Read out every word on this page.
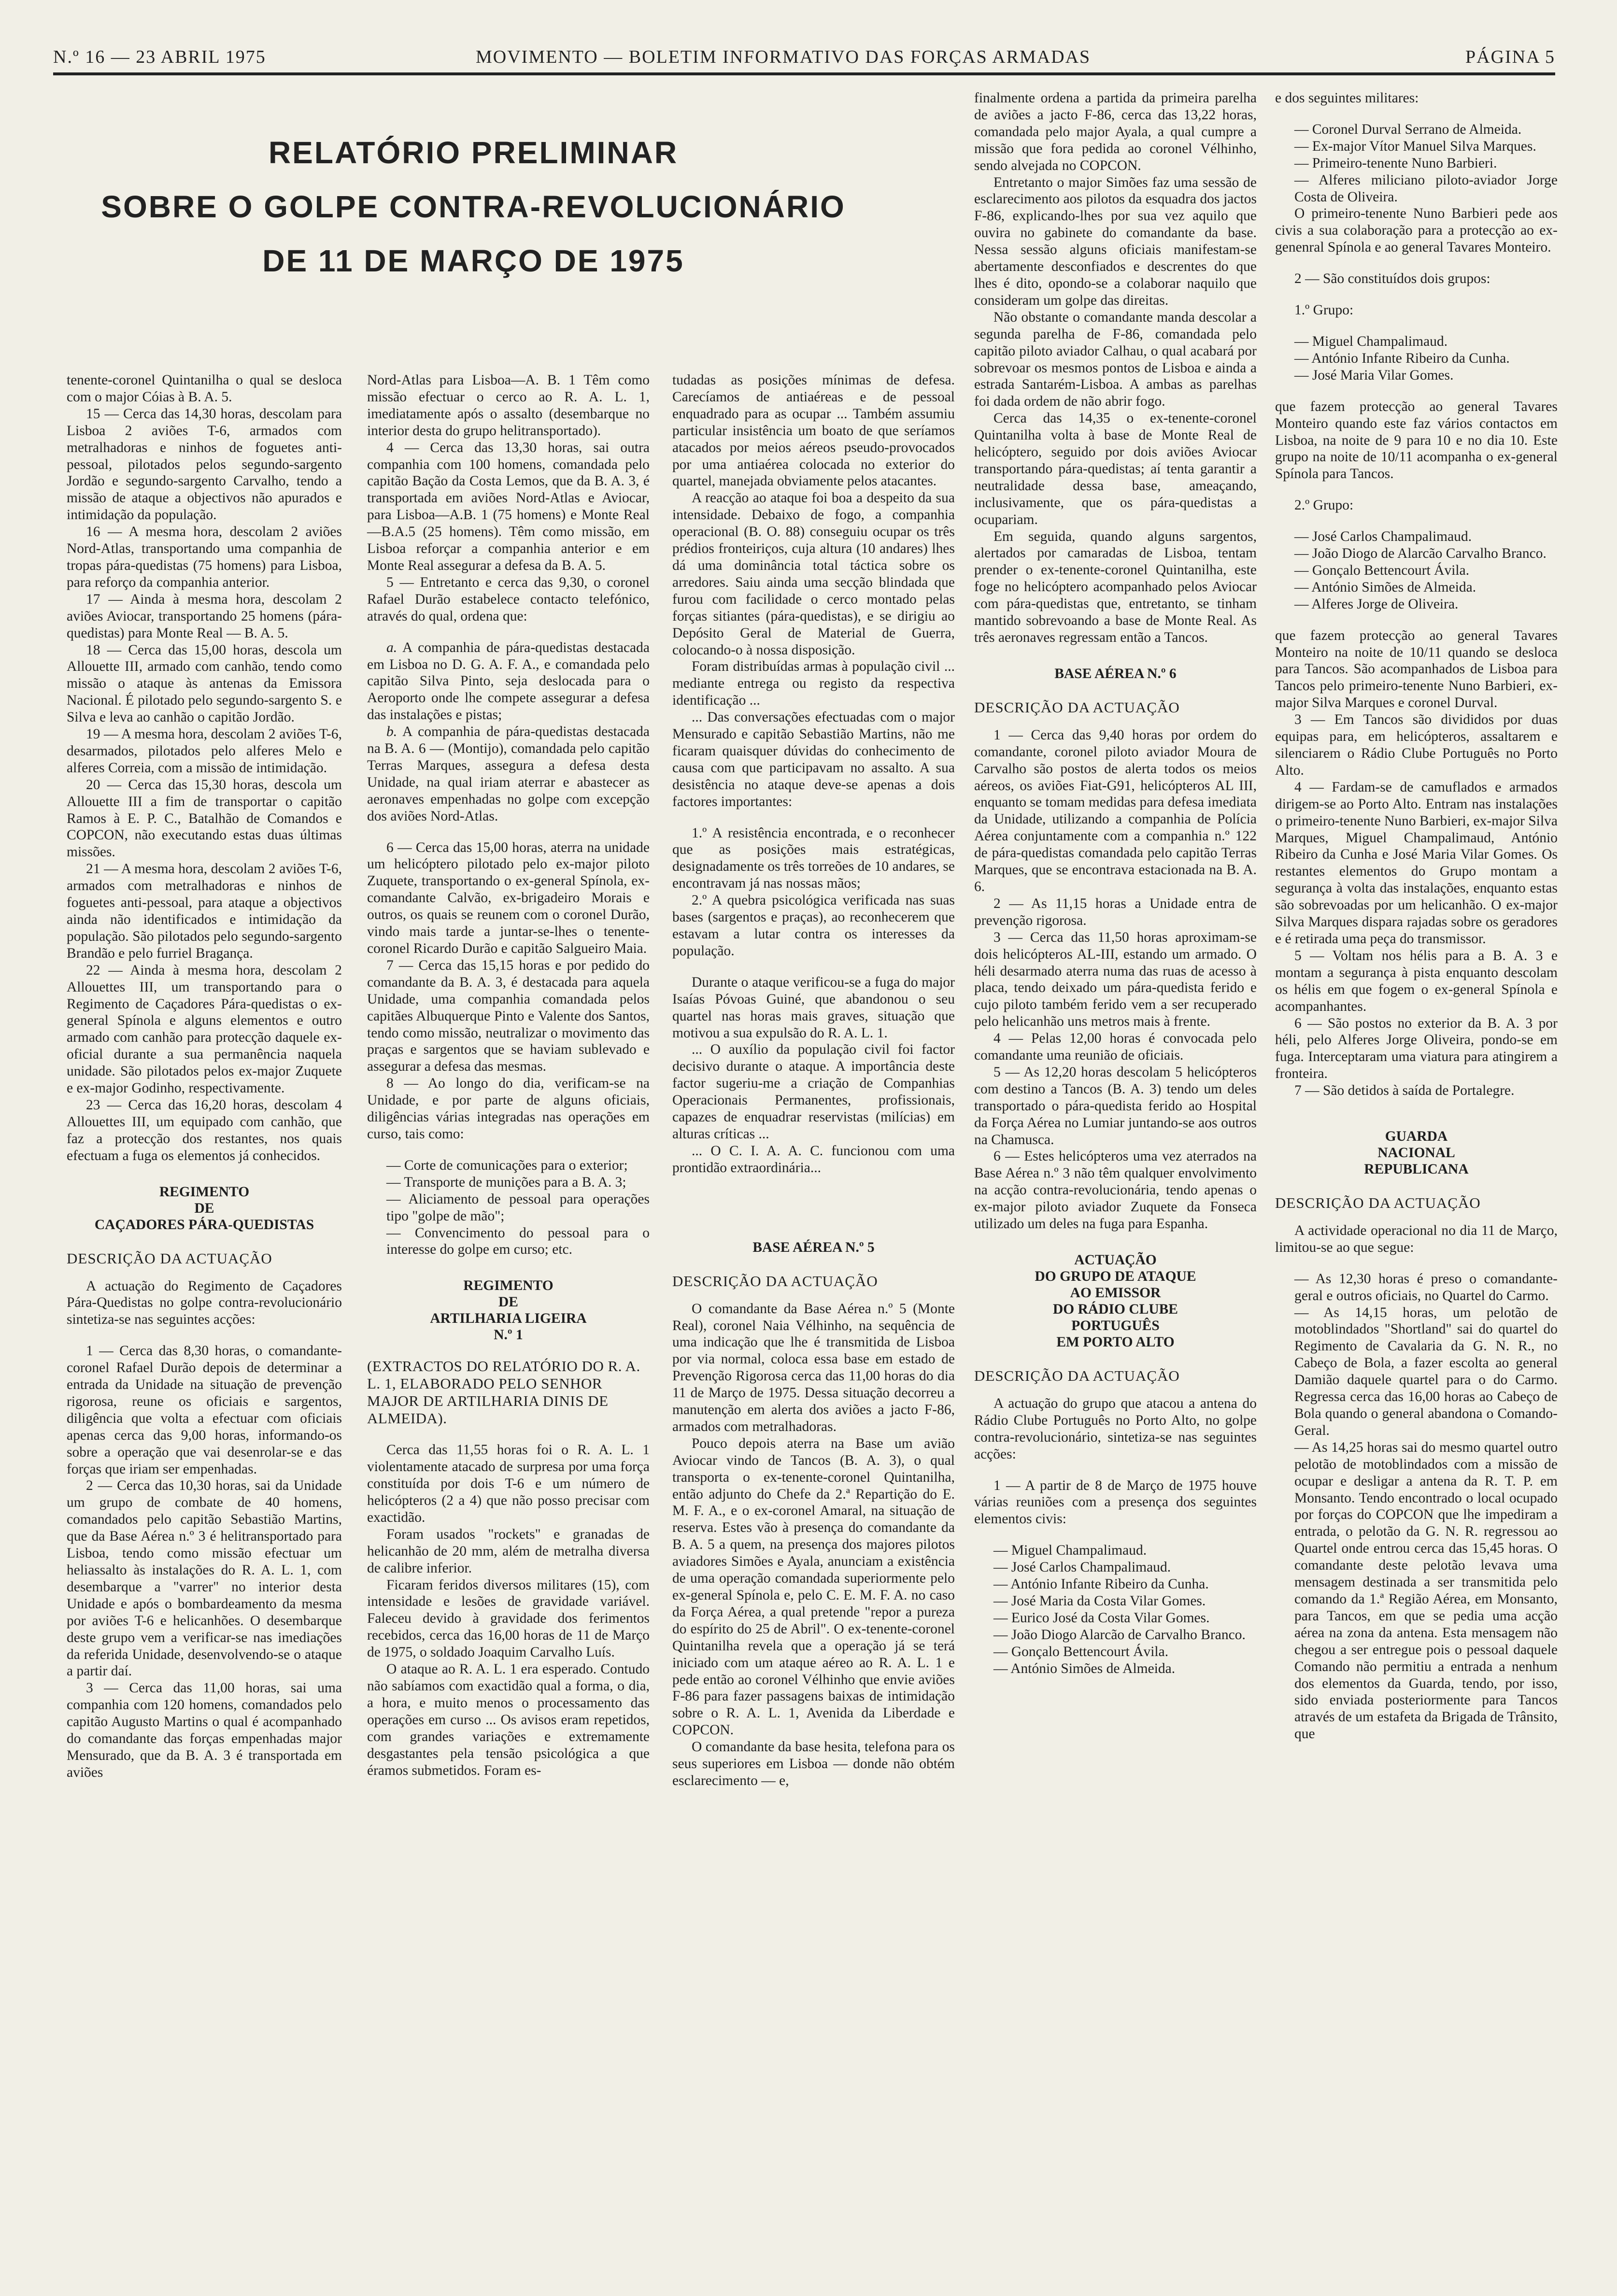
N.º 16 — 23 ABRIL 1975	MOVIMENTO — BOLETIM INFORMATIVO DAS FORÇAS ARMADAS	PÁGINA 5
RELATÓRIO PRELIMINAR
SOBRE O GOLPE CONTRA-REVOLUCIONÁRIO
DE 11 DE MARÇO DE 1975

tenente-coronel Quintanilha o qual se desloca com o major Cóias à B. A. 5.

15 — Cerca das 14,30 horas, descolam para Lisboa 2 aviões T-6, armados com metralhadoras e ninhos de foguetes anti-pessoal, pilotados pelos segundo-sargento Jordão e segundo-sargento Carvalho, tendo a missão de ataque a objectivos não apurados e intimidação da população.

16 — A mesma hora, descolam 2 aviões Nord-Atlas, transportando uma companhia de tropas pára-quedistas (75 homens) para Lisboa, para reforço da companhia anterior.

17 — Ainda à mesma hora, descolam 2 aviões Aviocar, transportando 25 homens (pára-quedistas) para Monte Real — B. A. 5.

18 — Cerca das 15,00 horas, descola um Allouette III, armado com canhão, tendo como missão o ataque às antenas da Emissora Nacional. É pilotado pelo segundo-sargento S. e Silva e leva ao canhão o capitão Jordão.

19 — A mesma hora, descolam 2 aviões T-6, desarmados, pilotados pelo alferes Melo e alferes Correia, com a missão de intimidação.

20 — Cerca das 15,30 horas, descola um Allouette III a fim de transportar o capitão Ramos à E. P. C., Batalhão de Comandos e COPCON, não executando estas duas últimas missões.

21 — A mesma hora, descolam 2 aviões T-6, armados com metralhadoras e ninhos de foguetes anti-pessoal, para ataque a objectivos ainda não identificados e intimidação da população. São pilotados pelo segundo-sargento Brandão e pelo furriel Bragança.

22 — Ainda à mesma hora, descolam 2 Allouettes III, um transportando para o Regimento de Caçadores Pára-quedistas o ex-general Spínola e alguns elementos e outro armado com canhão para protecção daquele ex-oficial durante a sua permanência naquela unidade. São pilotados pelos ex-major Zuquete e ex-major Godinho, respectivamente.

23 — Cerca das 16,20 horas, descolam 4 Allouettes III, um equipado com canhão, que faz a protecção dos restantes, nos quais efectuam a fuga os elementos já conhecidos.

REGIMENTO
DE
CAÇADORES PÁRA-QUEDISTAS

DESCRIÇÃO DA ACTUAÇÃO

A actuação do Regimento de Caçadores Pára-Quedistas no golpe contra-revolucionário sintetiza-se nas seguintes acções:

1 — Cerca das 8,30 horas, o comandante-coronel Rafael Durão depois de determinar a entrada da Unidade na situação de prevenção rigorosa, reune os oficiais e sargentos, diligência que volta a efectuar com oficiais apenas cerca das 9,00 horas, informando-os sobre a operação que vai desenrolar-se e das forças que iriam ser empenhadas.

2 — Cerca das 10,30 horas, sai da Unidade um grupo de combate de 40 homens, comandados pelo capitão Sebastião Martins, que da Base Aérea n.º 3 é helitransportado para Lisboa, tendo como missão efectuar um heliassalto às instalações do R. A. L. 1, com desembarque a "varrer" no interior desta Unidade e após o bombardeamento da mesma por aviões T-6 e helicanhões. O desembarque deste grupo vem a verificar-se nas imediações da referida Unidade, desenvolvendo-se o ataque a partir daí.

3 — Cerca das 11,00 horas, sai uma companhia com 120 homens, comandados pelo capitão Augusto Martins o qual é acompanhado do comandante das forças empenhadas major Mensurado, que da B. A. 3 é transportada em aviões

Nord-Atlas para Lisboa—A. B. 1 Têm como missão efectuar o cerco ao R. A. L. 1, imediatamente após o assalto (desembarque no interior desta do grupo helitransportado).

4 — Cerca das 13,30 horas, sai outra companhia com 100 homens, comandada pelo capitão Bação da Costa Lemos, que da B. A. 3, é transportada em aviões Nord-Atlas e Aviocar, para Lisboa—A.B. 1 (75 homens) e Monte Real—B.A.5 (25 homens). Têm como missão, em Lisboa reforçar a companhia anterior e em Monte Real assegurar a defesa da B. A. 5.

5 — Entretanto e cerca das 9,30, o coronel Rafael Durão estabelece contacto telefónico, através do qual, ordena que:

a. A companhia de pára-quedistas destacada em Lisboa no D. G. A. F. A., e comandada pelo capitão Silva Pinto, seja deslocada para o Aeroporto onde lhe compete assegurar a defesa das instalações e pistas;

b. A companhia de pára-quedistas destacada na B. A. 6 — (Montijo), comandada pelo capitão Terras Marques, assegura a defesa desta Unidade, na qual iriam aterrar e abastecer as aeronaves empenhadas no golpe com excepção dos aviões Nord-Atlas.

6 — Cerca das 15,00 horas, aterra na unidade um helicóptero pilotado pelo ex-major piloto Zuquete, transportando o ex-general Spínola, ex-comandante Calvão, ex-brigadeiro Morais e outros, os quais se reunem com o coronel Durão, vindo mais tarde a juntar-se-lhes o tenente-coronel Ricardo Durão e capitão Salgueiro Maia.

7 — Cerca das 15,15 horas e por pedido do comandante da B. A. 3, é destacada para aquela Unidade, uma companhia comandada pelos capitães Albuquerque Pinto e Valente dos Santos, tendo como missão, neutralizar o movimento das praças e sargentos que se haviam sublevado e assegurar a defesa das mesmas.

8 — Ao longo do dia, verificam-se na Unidade, e por parte de alguns oficiais, diligências várias integradas nas operações em curso, tais como:

— Corte de comunicações para o exterior;

— Transporte de munições para a B. A. 3;

— Aliciamento de pessoal para operações tipo "golpe de mão";

— Convencimento do pessoal para o interesse do golpe em curso; etc.

REGIMENTO
DE
ARTILHARIA LIGEIRA
N.º 1

(EXTRACTOS DO RELATÓRIO DO R. A. L. 1, ELABORADO PELO SENHOR MAJOR DE ARTILHARIA DINIS DE ALMEIDA).

Cerca das 11,55 horas foi o R. A. L. 1 violentamente atacado de surpresa por uma força constituída por dois T-6 e um número de helicópteros (2 a 4) que não posso precisar com exactidão.

Foram usados "rockets" e granadas de helicanhão de 20 mm, além de metralha diversa de calibre inferior.

Ficaram feridos diversos militares (15), com intensidade e lesões de gravidade variável. Faleceu devido à gravidade dos ferimentos recebidos, cerca das 16,00 horas de 11 de Março de 1975, o soldado Joaquim Carvalho Luís.

O ataque ao R. A. L. 1 era esperado. Contudo não sabíamos com exactidão qual a forma, o dia, a hora, e muito menos o processamento das operações em curso ... Os avisos eram repetidos, com grandes variações e extremamente desgastantes pela tensão psicológica a que éramos submetidos. Foram es-

tudadas as posições mínimas de defesa. Carecíamos de antiaéreas e de pessoal enquadrado para as ocupar ... Também assumiu particular insistência um boato de que seríamos atacados por meios aéreos pseudo-provocados por uma antiaérea colocada no exterior do quartel, manejada obviamente pelos atacantes.

A reacção ao ataque foi boa a despeito da sua intensidade. Debaixo de fogo, a companhia operacional (B. O. 88) conseguiu ocupar os três prédios fronteiriços, cuja altura (10 andares) lhes dá uma dominância total táctica sobre os arredores. Saiu ainda uma secção blindada que furou com facilidade o cerco montado pelas forças sitiantes (pára-quedistas), e se dirigiu ao Depósito Geral de Material de Guerra, colocando-o à nossa disposição.

Foram distribuídas armas à população civil ... mediante entrega ou registo da respectiva identificação ...

... Das conversações efectuadas com o major Mensurado e capitão Sebastião Martins, não me ficaram quaisquer dúvidas do conhecimento de causa com que participavam no assalto. A sua desistência no ataque deve-se apenas a dois factores importantes:

1.º A resistência encontrada, e o reconhecer que as posições mais estratégicas, designadamente os três torreões de 10 andares, se encontravam já nas nossas mãos;

2.º A quebra psicológica verificada nas suas bases (sargentos e praças), ao reconhecerem que estavam a lutar contra os interesses da população.

Durante o ataque verificou-se a fuga do major Isaías Póvoas Guiné, que abandonou o seu quartel nas horas mais graves, situação que motivou a sua expulsão do R. A. L. 1.

... O auxílio da população civil foi factor decisivo durante o ataque. A importância deste factor sugeriu-me a criação de Companhias Operacionais Permanentes, profissionais, capazes de enquadrar reservistas (milícias) em alturas críticas ...

... O C. I. A. A. C. funcionou com uma prontidão extraordinária...

BASE AÉREA N.º 5

DESCRIÇÃO DA ACTUAÇÃO

O comandante da Base Aérea n.º 5 (Monte Real), coronel Naia Vélhinho, na sequência de uma indicação que lhe é transmitida de Lisboa por via normal, coloca essa base em estado de Prevenção Rigorosa cerca das 11,00 horas do dia 11 de Março de 1975. Dessa situação decorreu a manutenção em alerta dos aviões a jacto F-86, armados com metralhadoras.

Pouco depois aterra na Base um avião Aviocar vindo de Tancos (B. A. 3), o qual transporta o ex-tenente-coronel Quintanilha, então adjunto do Chefe da 2.ª Repartição do E. M. F. A., e o ex-coronel Amaral, na situação de reserva. Estes vão à presença do comandante da B. A. 5 a quem, na presença dos majores pilotos aviadores Simões e Ayala, anunciam a existência de uma operação comandada superiormente pelo ex-general Spínola e, pelo C. E. M. F. A. no caso da Força Aérea, a qual pretende "repor a pureza do espírito do 25 de Abril". O ex-tenente-coronel Quintanilha revela que a operação já se terá iniciado com um ataque aéreo ao R. A. L. 1 e pede então ao coronel Vélhinho que envie aviões F-86 para fazer passagens baixas de intimidação sobre o R. A. L. 1, Avenida da Liberdade e COPCON.

O comandante da base hesita, telefona para os seus superiores em Lisboa — donde não obtém esclarecimento — e,

finalmente ordena a partida da primeira parelha de aviões a jacto F-86, cerca das 13,22 horas, comandada pelo major Ayala, a qual cumpre a missão que fora pedida ao coronel Vélhinho, sendo alvejada no COPCON.

Entretanto o major Simões faz uma sessão de esclarecimento aos pilotos da esquadra dos jactos F-86, explicando-lhes por sua vez aquilo que ouvira no gabinete do comandante da base. Nessa sessão alguns oficiais manifestam-se abertamente desconfiados e descrentes do que lhes é dito, opondo-se a colaborar naquilo que consideram um golpe das direitas.

Não obstante o comandante manda descolar a segunda parelha de F-86, comandada pelo capitão piloto aviador Calhau, o qual acabará por sobrevoar os mesmos pontos de Lisboa e ainda a estrada Santarém-Lisboa. A ambas as parelhas foi dada ordem de não abrir fogo.

Cerca das 14,35 o ex-tenente-coronel Quintanilha volta à base de Monte Real de helicóptero, seguido por dois aviões Aviocar transportando pára-quedistas; aí tenta garantir a neutralidade dessa base, ameaçando, inclusivamente, que os pára-quedistas a ocupariam.

Em seguida, quando alguns sargentos, alertados por camaradas de Lisboa, tentam prender o ex-tenente-coronel Quintanilha, este foge no helicóptero acompanhado pelos Aviocar com pára-quedistas que, entretanto, se tinham mantido sobrevoando a base de Monte Real. As três aeronaves regressam então a Tancos.

BASE AÉREA N.º 6

DESCRIÇÃO DA ACTUAÇÃO

1 — Cerca das 9,40 horas por ordem do comandante, coronel piloto aviador Moura de Carvalho são postos de alerta todos os meios aéreos, os aviões Fiat-G91, helicópteros AL III, enquanto se tomam medidas para defesa imediata da Unidade, utilizando a companhia de Polícia Aérea conjuntamente com a companhia n.º 122 de pára-quedistas comandada pelo capitão Terras Marques, que se encontrava estacionada na B. A. 6.

2 — As 11,15 horas a Unidade entra de prevenção rigorosa.

3 — Cerca das 11,50 horas aproximam-se dois helicópteros AL-III, estando um armado. O héli desarmado aterra numa das ruas de acesso à placa, tendo deixado um pára-quedista ferido e cujo piloto também ferido vem a ser recuperado pelo helicanhão uns metros mais à frente.

4 — Pelas 12,00 horas é convocada pelo comandante uma reunião de oficiais.

5 — As 12,20 horas descolam 5 helicópteros com destino a Tancos (B. A. 3) tendo um deles transportado o pára-quedista ferido ao Hospital da Força Aérea no Lumiar juntando-se aos outros na Chamusca.

6 — Estes helicópteros uma vez aterrados na Base Aérea n.º 3 não têm qualquer envolvimento na acção contra-revolucionária, tendo apenas o ex-major piloto aviador Zuquete da Fonseca utilizado um deles na fuga para Espanha.

ACTUAÇÃO
DO GRUPO DE ATAQUE
AO EMISSOR
DO RÁDIO CLUBE
PORTUGUÊS
EM PORTO ALTO

DESCRIÇÃO DA ACTUAÇÃO

A actuação do grupo que atacou a antena do Rádio Clube Português no Porto Alto, no golpe contra-revolucionário, sintetiza-se nas seguintes acções:

1 — A partir de 8 de Março de 1975 houve várias reuniões com a presença dos seguintes elementos civis:

— Miguel Champalimaud.

— José Carlos Champalimaud.

— António Infante Ribeiro da Cunha.

— José Maria da Costa Vilar Gomes.

— Eurico José da Costa Vilar Gomes.

— João Diogo Alarcão de Carvalho Branco.

— Gonçalo Bettencourt Ávila.

— António Simões de Almeida.

e dos seguintes militares:

— Coronel Durval Serrano de Almeida.

— Ex-major Vítor Manuel Silva Marques.

— Primeiro-tenente Nuno Barbieri.

— Alferes miliciano piloto-aviador Jorge Costa de Oliveira.

O primeiro-tenente Nuno Barbieri pede aos civis a sua colaboração para a protecção ao ex-genenral Spínola e ao general Tavares Monteiro.

2 — São constituídos dois grupos:

1.º Grupo:

— Miguel Champalimaud.

— António Infante Ribeiro da Cunha.

— José Maria Vilar Gomes.

que fazem protecção ao general Tavares Monteiro quando este faz vários contactos em Lisboa, na noite de 9 para 10 e no dia 10. Este grupo na noite de 10/11 acompanha o ex-general Spínola para Tancos.

2.º Grupo:

— José Carlos Champalimaud.

— João Diogo de Alarcão Carvalho Branco.

— Gonçalo Bettencourt Ávila.

— António Simões de Almeida.

— Alferes Jorge de Oliveira.

que fazem protecção ao general Tavares Monteiro na noite de 10/11 quando se desloca para Tancos. São acompanhados de Lisboa para Tancos pelo primeiro-tenente Nuno Barbieri, ex-major Silva Marques e coronel Durval.

3 — Em Tancos são divididos por duas equipas para, em helicópteros, assaltarem e silenciarem o Rádio Clube Português no Porto Alto.

4 — Fardam-se de camuflados e armados dirigem-se ao Porto Alto. Entram nas instalações o primeiro-tenente Nuno Barbieri, ex-major Silva Marques, Miguel Champalimaud, António Ribeiro da Cunha e José Maria Vilar Gomes. Os restantes elementos do Grupo montam a segurança à volta das instalações, enquanto estas são sobrevoadas por um helicanhão. O ex-major Silva Marques dispara rajadas sobre os geradores e é retirada uma peça do transmissor.

5 — Voltam nos hélis para a B. A. 3 e montam a segurança à pista enquanto descolam os hélis em que fogem o ex-general Spínola e acompanhantes.

6 — São postos no exterior da B. A. 3 por héli, pelo Alferes Jorge Oliveira, pondo-se em fuga. Interceptaram uma viatura para atingirem a fronteira.

7 — São detidos à saída de Portalegre.

GUARDA
NACIONAL
REPUBLICANA

DESCRIÇÃO DA ACTUAÇÃO

A actividade operacional no dia 11 de Março, limitou-se ao que segue:

— As 12,30 horas é preso o comandante-geral e outros oficiais, no Quartel do Carmo.

— As 14,15 horas, um pelotão de motoblindados "Shortland" sai do quartel do Regimento de Cavalaria da G. N. R., no Cabeço de Bola, a fazer escolta ao general Damião daquele quartel para o do Carmo. Regressa cerca das 16,00 horas ao Cabeço de Bola quando o general abandona o Comando-Geral.

— As 14,25 horas sai do mesmo quartel outro pelotão de motoblindados com a missão de ocupar e desligar a antena da R. T. P. em Monsanto. Tendo encontrado o local ocupado por forças do COPCON que lhe impediram a entrada, o pelotão da G. N. R. regressou ao Quartel onde entrou cerca das 15,45 horas. O comandante deste pelotão levava uma mensagem destinada a ser transmitida pelo comando da 1.ª Região Aérea, em Monsanto, para Tancos, em que se pedia uma acção aérea na zona da antena. Esta mensagem não chegou a ser entregue pois o pessoal daquele Comando não permitiu a entrada a nenhum dos elementos da Guarda, tendo, por isso, sido enviada posteriormente para Tancos através de um estafeta da Brigada de Trânsito, que
